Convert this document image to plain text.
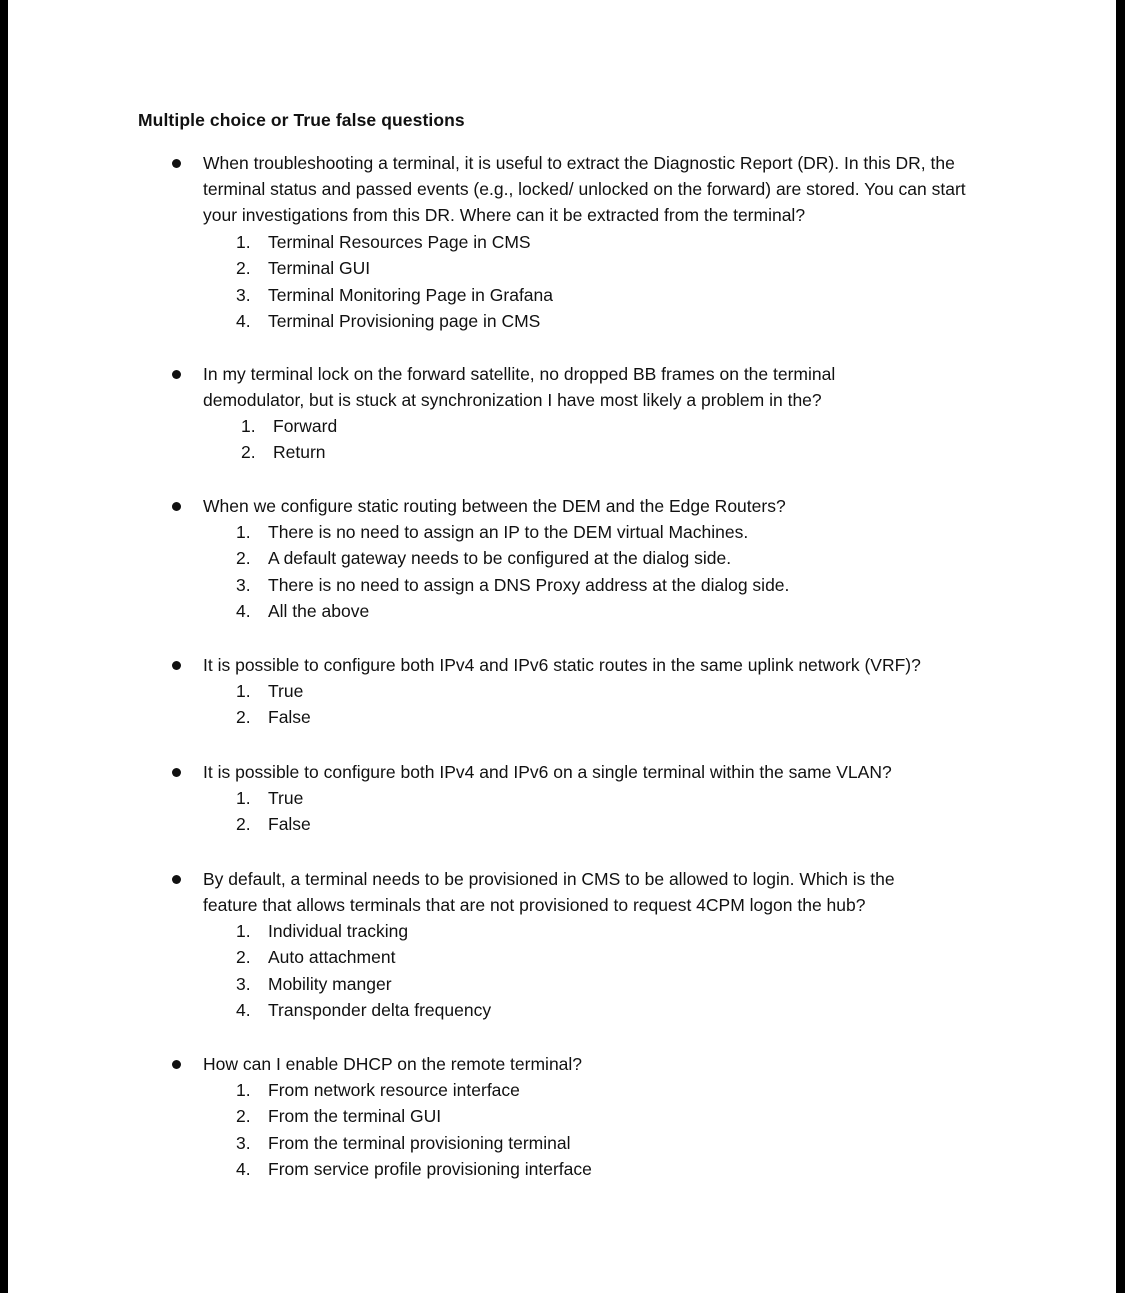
Multiple choice or True false questions

When troubleshooting a terminal, it is useful to extract the Diagnostic Report (DR). In this DR, the terminal status and passed events (e.g., locked/ unlocked on the forward) are stored. You can start your investigations from this DR. Where can it be extracted from the terminal?

1. Terminal Resources Page in CMS
2. Terminal GUI
3. Terminal Monitoring Page in Grafana
4. Terminal Provisioning page in CMS

In my terminal lock on the forward satellite, no dropped BB frames on the terminal demodulator, but is stuck at synchronization I have most likely a problem in the?

1. Forward
2. Return

When we configure static routing between the DEM and the Edge Routers?

1. There is no need to assign an IP to the DEM virtual Machines.
2. A default gateway needs to be configured at the dialog side.
3. There is no need to assign a DNS Proxy address at the dialog side.
4. All the above

It is possible to configure both IPv4 and IPv6 static routes in the same uplink network (VRF)?

1. True
2. False

It is possible to configure both IPv4 and IPv6 on a single terminal within the same VLAN?

1. True
2. False

By default, a terminal needs to be provisioned in CMS to be allowed to login. Which is the feature that allows terminals that are not provisioned to request 4CPM logon the hub?

1. Individual tracking
2. Auto attachment
3. Mobility manger
4. Transponder delta frequency

How can I enable DHCP on the remote terminal?

1. From network resource interface
2. From the terminal GUI
3. From the terminal provisioning terminal
4. From service profile provisioning interface
